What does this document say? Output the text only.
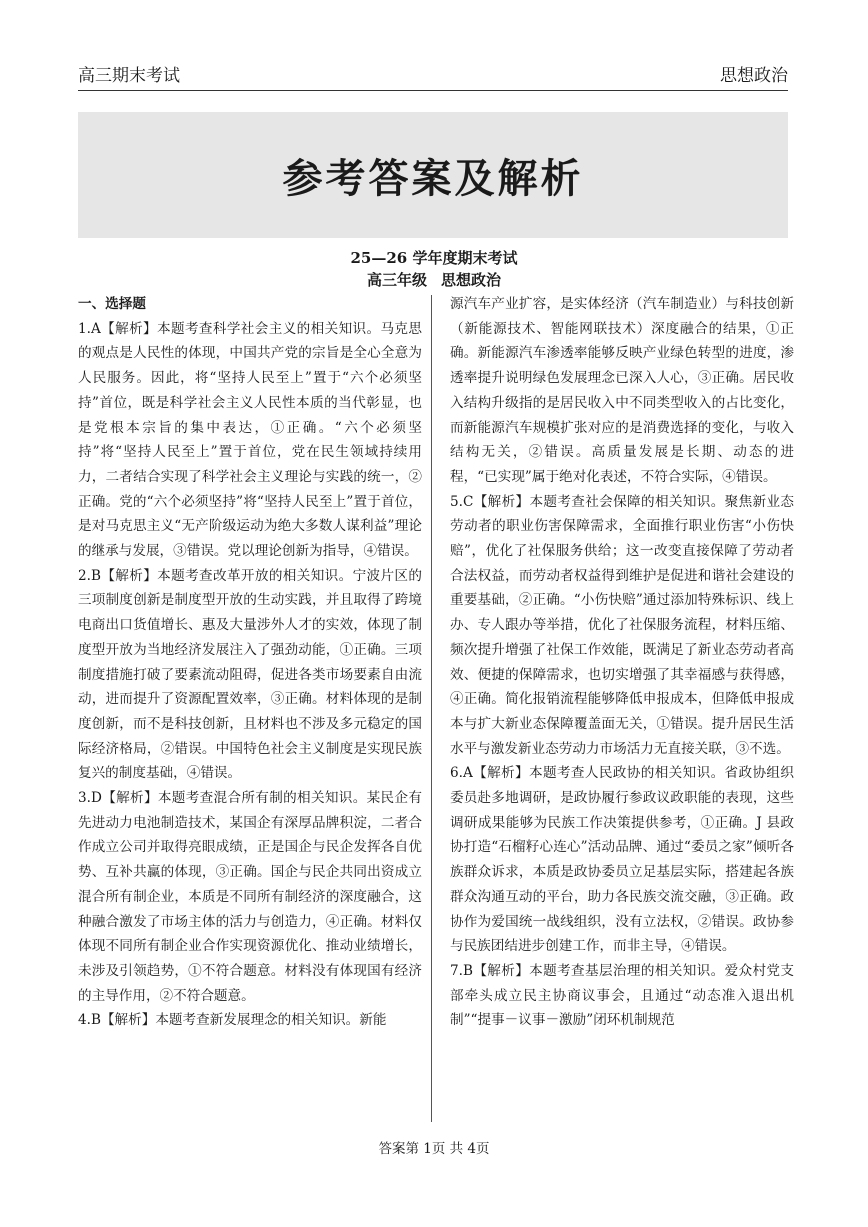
高三期末考试	思想政治
参考答案及解析
25—26 学年度期末考试
高三年级 思想政治

一、选择题

1.A【解析】本题考查科学社会主义的相关知识。马克思的观点是人民性的体现，中国共产党的宗旨是全心全意为人民服务。因此，将“坚持人民至上”置于“六个必须坚持”首位，既是科学社会主义人民性本质的当代彰显，也是党根本宗旨的集中表达，①正确。“六个必须坚持”将“坚持人民至上”置于首位，党在民生领域持续用力，二者结合实现了科学社会主义理论与实践的统一，②正确。党的“六个必须坚持”将“坚持人民至上”置于首位，是对马克思主义“无产阶级运动为绝大多数人谋利益”理论的继承与发展，③错误。党以理论创新为指导，④错误。

2.B【解析】本题考查改革开放的相关知识。宁波片区的三项制度创新是制度型开放的生动实践，并且取得了跨境电商出口货值增长、惠及大量涉外人才的实效，体现了制度型开放为当地经济发展注入了强劲动能，①正确。三项制度措施打破了要素流动阻碍，促进各类市场要素自由流动，进而提升了资源配置效率，③正确。材料体现的是制度创新，而不是科技创新，且材料也不涉及多元稳定的国际经济格局，②错误。中国特色社会主义制度是实现民族复兴的制度基础，④错误。

3.D【解析】本题考查混合所有制的相关知识。某民企有先进动力电池制造技术，某国企有深厚品牌积淀，二者合作成立公司并取得亮眼成绩，正是国企与民企发挥各自优势、互补共赢的体现，③正确。国企与民企共同出资成立混合所有制企业，本质是不同所有制经济的深度融合，这种融合激发了市场主体的活力与创造力，④正确。材料仅体现不同所有制企业合作实现资源优化、推动业绩增长，未涉及引领趋势，①不符合题意。材料没有体现国有经济的主导作用，②不符合题意。

4.B【解析】本题考查新发展理念的相关知识。新能

源汽车产业扩容，是实体经济（汽车制造业）与科技创新（新能源技术、智能网联技术）深度融合的结果，①正确。新能源汽车渗透率能够反映产业绿色转型的进度，渗透率提升说明绿色发展理念已深入人心，③正确。居民收入结构升级指的是居民收入中不同类型收入的占比变化，而新能源汽车规模扩张对应的是消费选择的变化，与收入结构无关，②错误。高质量发展是长期、动态的进程，“已实现”属于绝对化表述，不符合实际，④错误。

5.C【解析】本题考查社会保障的相关知识。聚焦新业态劳动者的职业伤害保障需求，全面推行职业伤害“小伤快赔”，优化了社保服务供给；这一改变直接保障了劳动者合法权益，而劳动者权益得到维护是促进和谐社会建设的重要基础，②正确。“小伤快赔”通过添加特殊标识、线上办、专人跟办等举措，优化了社保服务流程，材料压缩、频次提升增强了社保工作效能，既满足了新业态劳动者高效、便捷的保障需求，也切实增强了其幸福感与获得感，④正确。简化报销流程能够降低申报成本，但降低申报成本与扩大新业态保障覆盖面无关，①错误。提升居民生活水平与激发新业态劳动力市场活力无直接关联，③不选。

6.A【解析】本题考查人民政协的相关知识。省政协组织委员赴多地调研，是政协履行参政议政职能的表现，这些调研成果能够为民族工作决策提供参考，①正确。J 县政协打造“石榴籽心连心”活动品牌、通过“委员之家”倾听各族群众诉求，本质是政协委员立足基层实际，搭建起各族群众沟通互动的平台，助力各民族交流交融，③正确。政协作为爱国统一战线组织，没有立法权，②错误。政协参与民族团结进步创建工作，而非主导，④错误。

7.B【解析】本题考查基层治理的相关知识。爱众村党支部牵头成立民主协商议事会，且通过“动态准入退出机制”“提事－议事－激励”闭环机制规范

答案第 1页 共 4页
